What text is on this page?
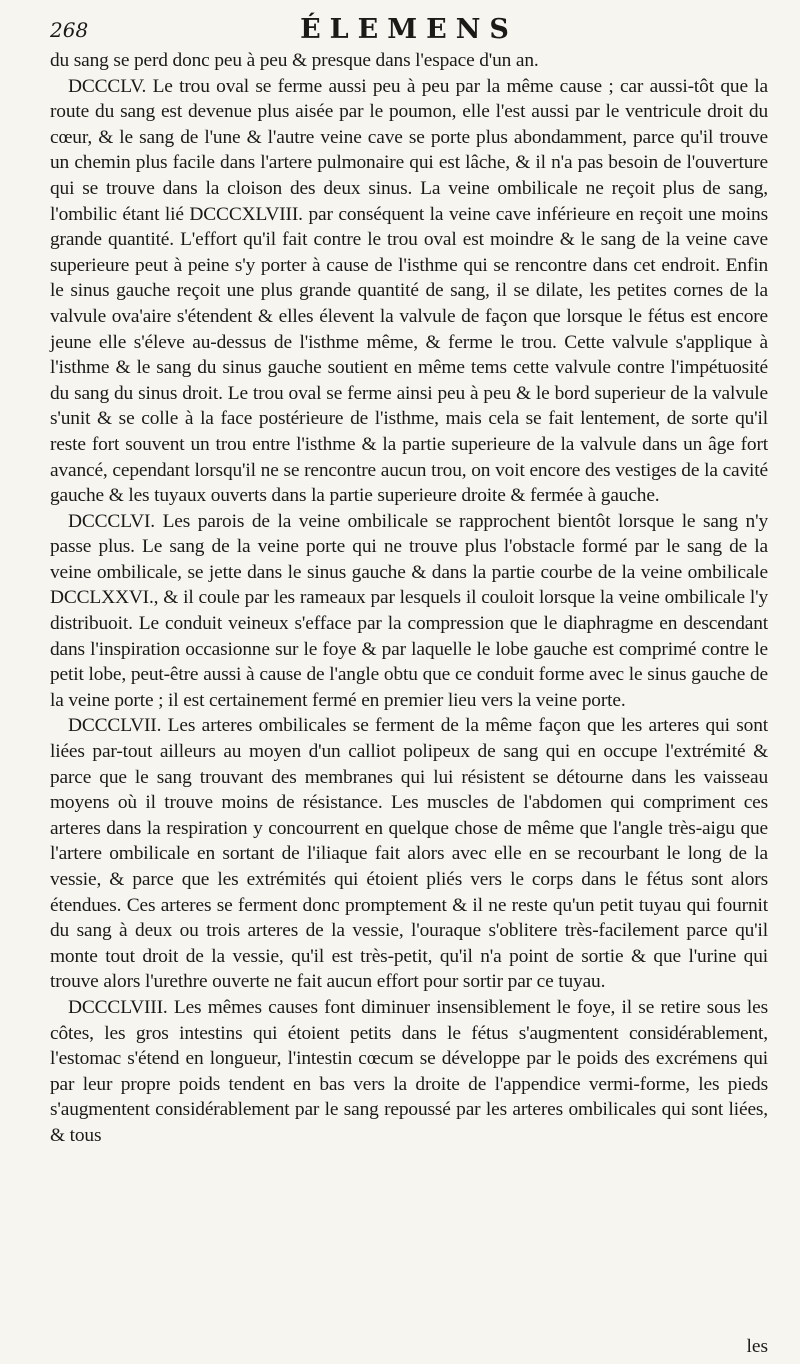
268	ÉLEMENS

du sang se perd donc peu à peu & presque dans l'espace d'un an.

DCCCLV. Le trou oval se ferme aussi peu à peu par la même cause ; car aussi-tôt que la route du sang est devenue plus aisée par le poumon, elle l'est aussi par le ventricule droit du cœur, & le sang de l'une & l'autre veine cave se porte plus abondamment, parce qu'il trouve un chemin plus facile dans l'artere pulmonaire qui est lâche, & il n'a pas besoin de l'ouverture qui se trouve dans la cloison des deux sinus. La veine ombilicale ne reçoit plus de sang, l'ombilic étant lié DCCCXLVIII. par conséquent la veine cave inférieure en reçoit une moins grande quantité. L'effort qu'il fait contre le trou oval est moindre & le sang de la veine cave superieure peut à peine s'y porter à cause de l'isthme qui se rencontre dans cet endroit. Enfin le sinus gauche reçoit une plus grande quantité de sang, il se dilate, les petites cornes de la valvule ova'aire s'étendent & elles élevent la valvule de façon que lorsque le fétus est encore jeune elle s'éleve au-dessus de l'isthme même, & ferme le trou. Cette valvule s'applique à l'isthme & le sang du sinus gauche soutient en même tems cette valvule contre l'impétuosité du sang du sinus droit. Le trou oval se ferme ainsi peu à peu & le bord superieur de la valvule s'unit & se colle à la face postérieure de l'isthme, mais cela se fait lentement, de sorte qu'il reste fort souvent un trou entre l'isthme & la partie superieure de la valvule dans un âge fort avancé, cependant lorsqu'il ne se rencontre aucun trou, on voit encore des vestiges de la cavité gauche & les tuyaux ouverts dans la partie superieure droite & fermée à gauche.

DCCCLVI. Les parois de la veine ombilicale se rapprochent bientôt lorsque le sang n'y passe plus. Le sang de la veine porte qui ne trouve plus l'obstacle formé par le sang de la veine ombilicale, se jette dans le sinus gauche & dans la partie courbe de la veine ombilicale DCCLXXVI., & il coule par les rameaux par lesquels il couloit lorsque la veine ombilicale l'y distribuoit. Le conduit veineux s'efface par la compression que le diaphragme en descendant dans l'inspiration occasionne sur le foye & par laquelle le lobe gauche est comprimé contre le petit lobe, peut-être aussi à cause de l'angle obtu que ce conduit forme avec le sinus gauche de la veine porte ; il est certainement fermé en premier lieu vers la veine porte.

DCCCLVII. Les arteres ombilicales se ferment de la même façon que les arteres qui sont liées par-tout ailleurs au moyen d'un calliot polipeux de sang qui en occupe l'extrémité & parce que le sang trouvant des membranes qui lui résistent se détourne dans les vaisseau moyens où il trouve moins de résistance. Les muscles de l'abdomen qui compriment ces arteres dans la respiration y concourrent en quelque chose de même que l'angle très-aigu que l'artere ombilicale en sortant de l'iliaque fait alors avec elle en se recourbant le long de la vessie, & parce que les extrémités qui étoient pliés vers le corps dans le fétus sont alors étendues. Ces arteres se ferment donc promptement & il ne reste qu'un petit tuyau qui fournit du sang à deux ou trois arteres de la vessie, l'ouraque s'oblitere très-facilement parce qu'il monte tout droit de la vessie, qu'il est très-petit, qu'il n'a point de sortie & que l'urine qui trouve alors l'urethre ouverte ne fait aucun effort pour sortir par ce tuyau.

DCCCLVIII. Les mêmes causes font diminuer insensiblement le foye, il se retire sous les côtes, les gros intestins qui étoient petits dans le fétus s'augmentent considérablement, l'estomac s'étend en longueur, l'intestin cœcum se développe par le poids des excrémens qui par leur propre poids tendent en bas vers la droite de l'appendice vermi-forme, les pieds s'augmentent considérablement par le sang repoussé par les arteres ombilicales qui sont liées, & tous

les
